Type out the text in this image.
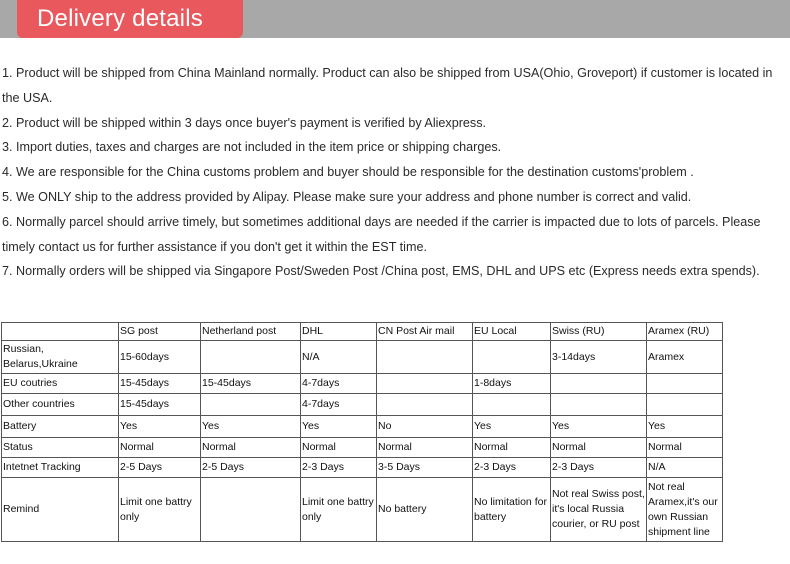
Delivery details

1. Product will be shipped from China Mainland normally. Product can also be shipped from USA(Ohio, Groveport) if customer is located in the USA.

2. Product will be shipped within 3 days once buyer's payment is verified by Aliexpress.

3. Import duties, taxes and charges are not included in the item price or shipping charges.

4. We are responsible for the China customs problem and buyer should be responsible for the destination customs'problem .

5. We ONLY ship to the address provided by Alipay. Please make sure your address and phone number is correct and valid.

6. Normally parcel should arrive timely, but sometimes additional days are needed if the carrier is impacted due to lots of parcels. Please timely contact us for further assistance if you don't get it within the EST time.

7. Normally orders will be shipped via Singapore Post/Sweden Post /China post, EMS, DHL and UPS etc (Express needs extra spends).

	SG post	Netherland post	DHL	CN Post Air mail	EU Local	Swiss (RU)	Aramex (RU)
Russian, Belarus,Ukraine	15-60days		N/A			3-14days	Aramex
EU coutries	15-45days	15-45days	4-7days		1-8days		
Other countries	15-45days		4-7days				
Battery	Yes	Yes	Yes	No	Yes	Yes	Yes
Status	Normal	Normal	Normal	Normal	Normal	Normal	Normal
Intetnet Tracking	2-5 Days	2-5 Days	2-3 Days	3-5 Days	2-3 Days	2-3 Days	N/A
Remind	Limit one battry only		Limit one battry only	No battery	No limitation for battery	Not real Swiss post, it's local Russia courier, or RU post	Not real Aramex,it's our own Russian shipment line
